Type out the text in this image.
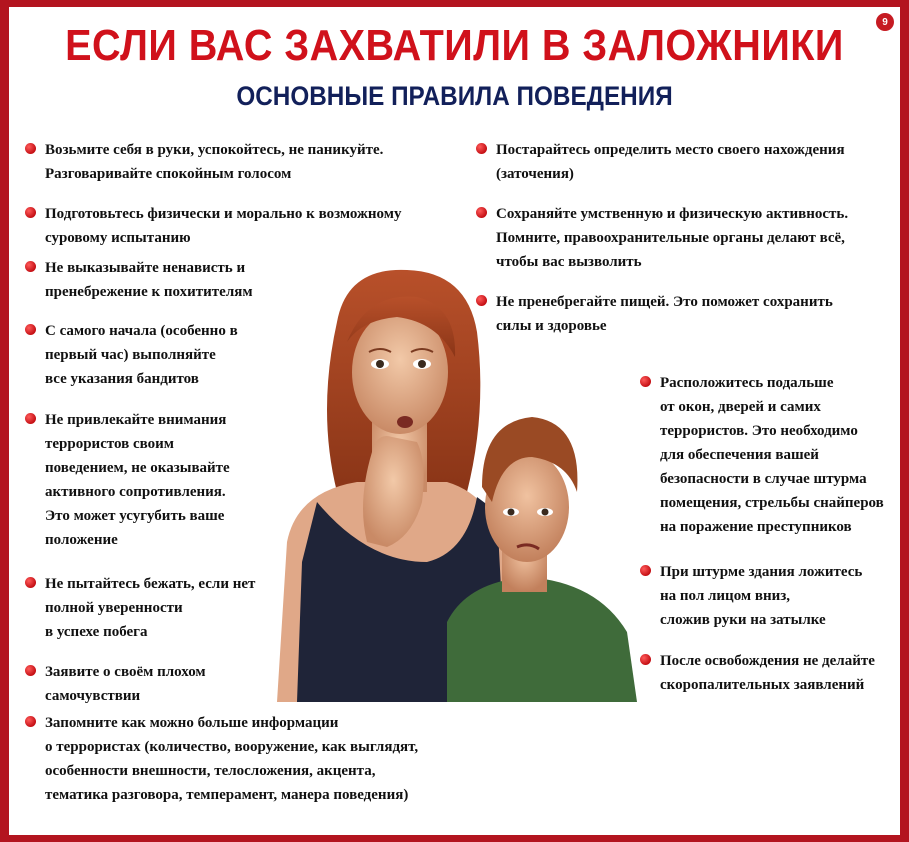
9
ЕСЛИ ВАС ЗАХВАТИЛИ В ЗАЛОЖНИКИ
ОСНОВНЫЕ ПРАВИЛА ПОВЕДЕНИЯ
Возьмите себя в руки, успокойтесь, не паникуйте.
Разговаривайте спокойным голосом
Подготовьтесь физически и морально к возможному
суровому испытанию
Не выказывайте ненависть и
пренебрежение к похитителям
С самого начала (особенно в
первый час) выполняйте
все указания бандитов
Не привлекайте внимания
террористов своим
поведением, не оказывайте
активного сопротивления.
Это может усугубить ваше
положение
Не пытайтесь бежать, если нет
полной уверенности
в успехе побега
Заявите о своём плохом
самочувствии
Запомните как можно больше информации
о террористах (количество, вооружение, как выглядят,
особенности внешности, телосложения, акцента,
тематика разговора, темперамент, манера поведения)
Постарайтесь определить место своего нахождения
(заточения)
Сохраняйте умственную и физическую активность.
Помните, правоохранительные органы делают всё,
чтобы вас вызволить
Не пренебрегайте пищей. Это поможет сохранить
силы и здоровье
Расположитесь подальше
от окон, дверей и самих
террористов. Это необходимо
для обеспечения вашей
безопасности в случае штурма
помещения, стрельбы снайперов
на поражение преступников
При штурме здания ложитесь
на пол лицом вниз,
сложив руки на затылке
После освобождения не делайте
скоропалительных заявлений
